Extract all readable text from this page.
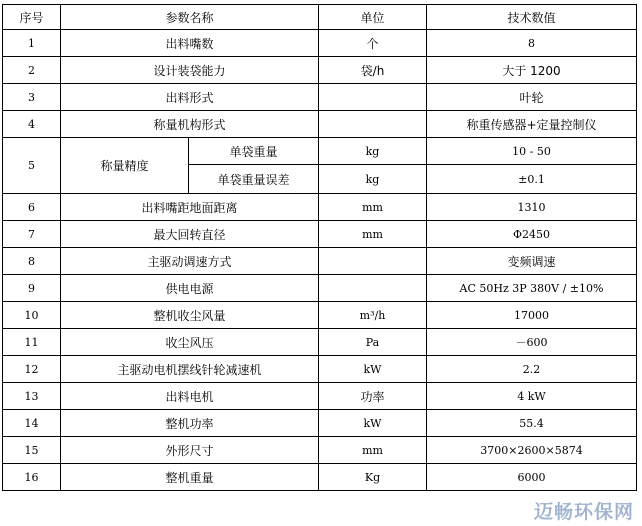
序号	参数名称		单位	技术数值
1	出料嘴数		个	8
2	设计装袋能力		袋/h	大于 1200
3	出料形式			叶轮
4	称量机构形式			称重传感器+定量控制仪
5	称量精度	单袋重量	kg	10 - 50
		单袋重量误差	kg	±0.1
6	出料嘴距地面距离		mm	1310
7	最大回转直径		mm	Φ2450
8	主驱动调速方式			变频调速
9	供电电源			AC 50Hz 3P 380V / ±10%
10	整机收尘风量		m³/h	17000
11	收尘风压		Pa	－600
12	主驱动电机摆线针轮减速机		kW	2.2
13	出料电机		功率	4 kW
14	整机功率		kW	55.4
15	外形尺寸		mm	3700×2600×5874
16	整机重量		Kg	6000
迈畅环保网
